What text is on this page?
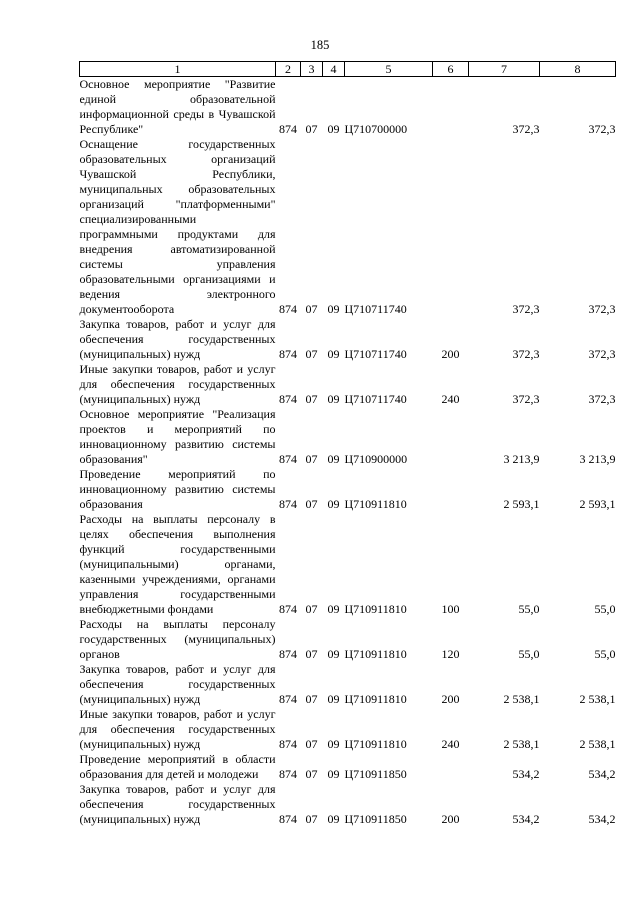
185
1	2	3	4	5	6	7	8
Основное мероприятие "Развитие единой образовательной информационной среды в Чувашской Республике"	874	07	09	Ц710700000		372,3	372,3
Оснащение государственных образовательных организаций Чувашской Республики, муниципальных образовательных организаций "платформенными" специализированными программными продуктами для внедрения автоматизированной системы управления образовательными организациями и ведения электронного документооборота	874	07	09	Ц710711740		372,3	372,3
Закупка товаров, работ и услуг для обеспечения государственных (муниципальных) нужд	874	07	09	Ц710711740	200	372,3	372,3
Иные закупки товаров, работ и услуг для обеспечения государственных (муниципальных) нужд	874	07	09	Ц710711740	240	372,3	372,3
Основное мероприятие "Реализация проектов и мероприятий по инновационному развитию системы образования"	874	07	09	Ц710900000		3 213,9	3 213,9
Проведение мероприятий по инновационному развитию системы образования	874	07	09	Ц710911810		2 593,1	2 593,1
Расходы на выплаты персоналу в целях обеспечения выполнения функций государственными (муниципальными) органами, казенными учреждениями, органами управления государственными внебюджетными фондами	874	07	09	Ц710911810	100	55,0	55,0
Расходы на выплаты персоналу государственных (муниципальных) органов	874	07	09	Ц710911810	120	55,0	55,0
Закупка товаров, работ и услуг для обеспечения государственных (муниципальных) нужд	874	07	09	Ц710911810	200	2 538,1	2 538,1
Иные закупки товаров, работ и услуг для обеспечения государственных (муниципальных) нужд	874	07	09	Ц710911810	240	2 538,1	2 538,1
Проведение мероприятий в области образования для детей и молодежи	874	07	09	Ц710911850		534,2	534,2
Закупка товаров, работ и услуг для обеспечения государственных (муниципальных) нужд	874	07	09	Ц710911850	200	534,2	534,2
